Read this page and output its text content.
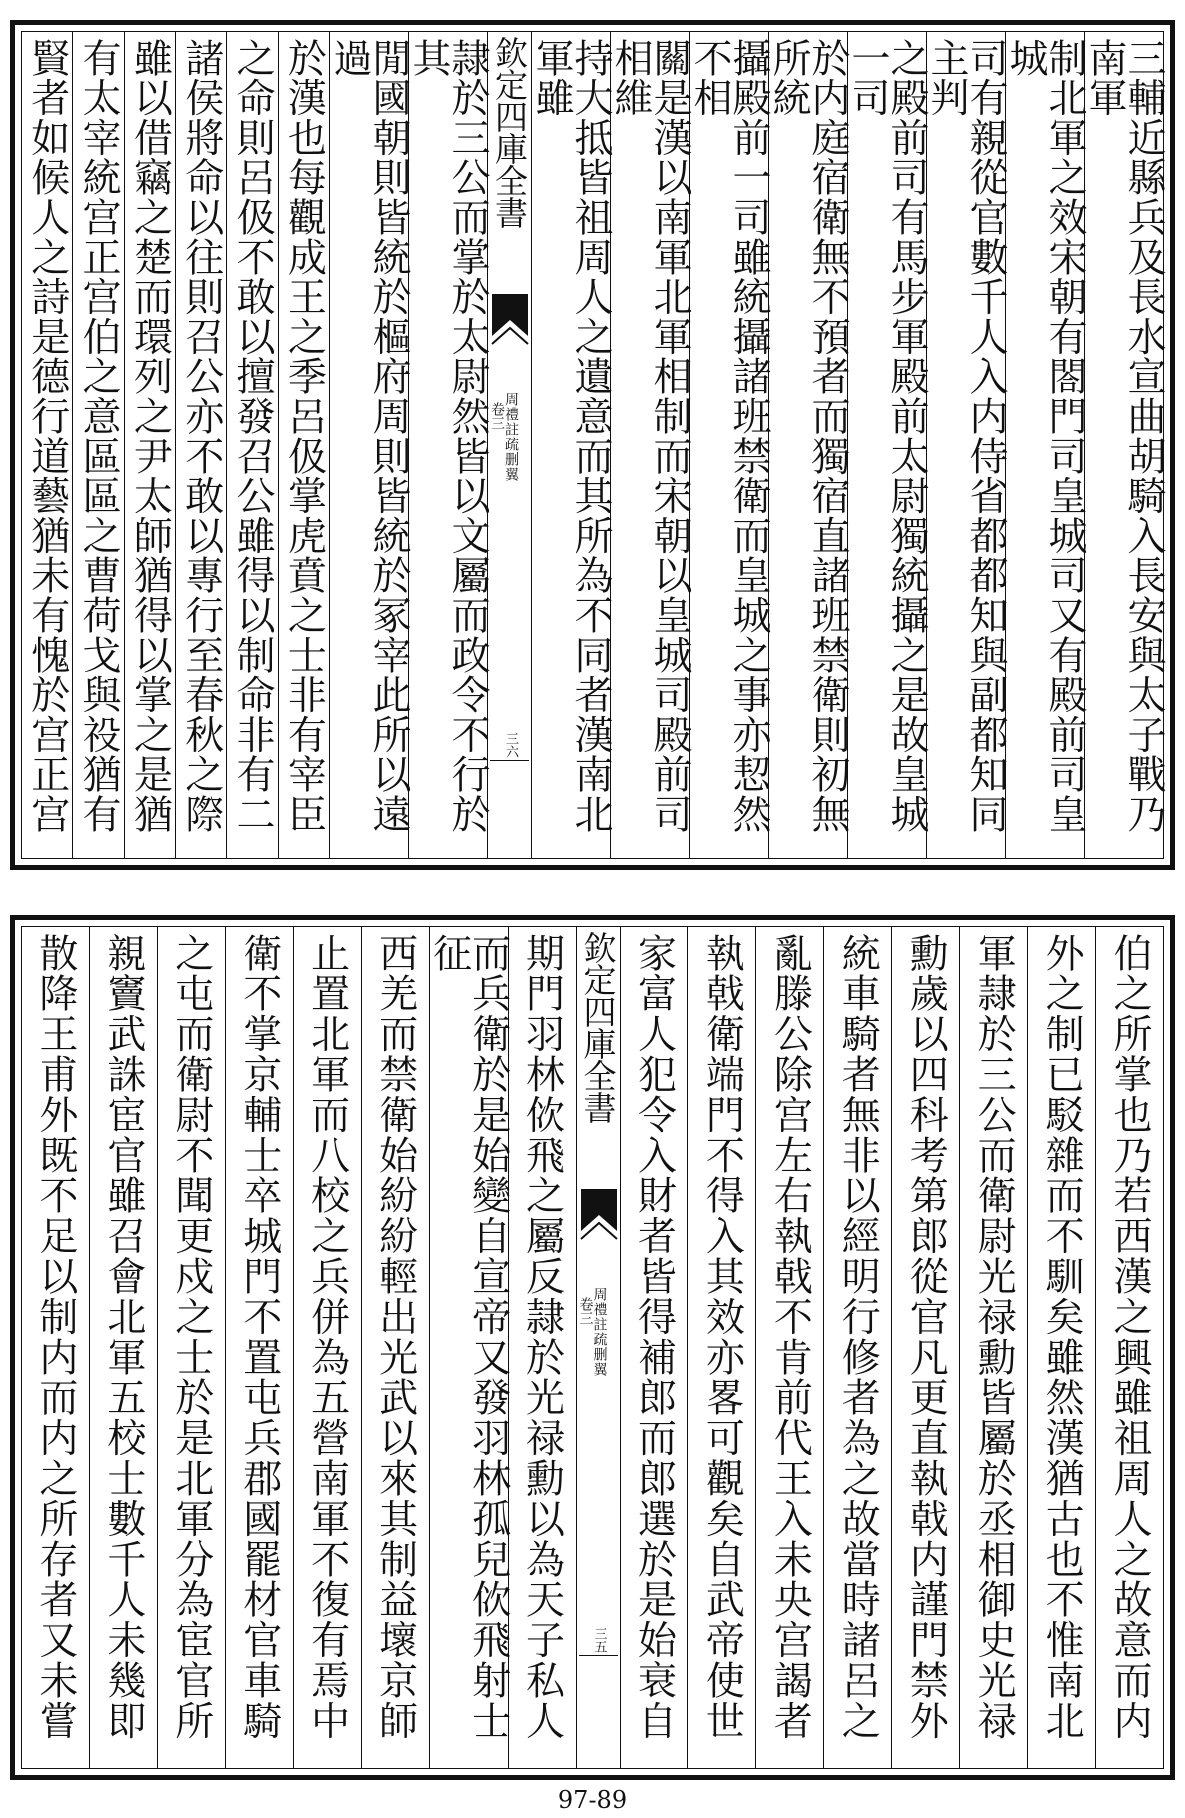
三輔近縣兵及長水宣曲胡騎入長安與太子戰乃南軍
制北軍之效宋朝有閤門司皇城司又有殿前司皇城
司有親從官數千人入内侍省都都知與副都知同主判
之殿前司有馬步軍殿前太尉獨統攝之是故皇城一司
於内庭宿衛無不預者而獨宿直諸班禁衛則初無所統
攝殿前一司雖統攝諸班禁衛而皇城之事亦恝然不相
關是漢以南軍北軍相制而宋朝以皇城司殿前司相維
持大抵皆祖周人之遺意而其所為不同者漢南北軍雖
欽定四庫全書
周禮註疏删翼
卷三
三六
隷於三公而掌於太尉然皆以文屬而政令不行於其
閒國朝則皆統於樞府周則皆統於冢宰此所以遠過
於漢也每觀成王之季呂伋掌虎賁之士非有宰臣
之命則呂伋不敢以擅發召公雖得以制命非有二
諸侯將命以往則召公亦不敢以專行至春秋之際
雖以借竊之楚而環列之尹太師猶得以掌之是猶
有太宰統宫正宫伯之意區區之曹荷戈與祋猶有
賢者如候人之詩是德行道藝猶未有愧於宫正宫
伯之所掌也乃若西漢之興雖祖周人之故意而内
外之制已駁雜而不馴矣雖然漢猶古也不惟南北
軍隷於三公而衛尉光禄勳皆屬於丞相御史光禄
勳歲以四科考第郎從官凡更直執戟内謹門禁外
統車騎者無非以經明行修者為之故當時諸呂之
亂滕公除宫左右執戟不肯前代王入未央宫謁者
執戟衛端門不得入其效亦畧可觀矣自武帝使世
家富人犯令入財者皆得補郎而郎選於是始衰自
欽定四庫全書
周禮註疏删翼
卷三
三五
期門羽林佽飛之屬反隷於光禄勳以為天子私人
而兵衛於是始變自宣帝又發羽林孤兒佽飛射士征
西羌而禁衛始紛紛輕出光武以來其制益壞京師
止置北軍而八校之兵併為五營南軍不復有焉中
衛不掌京輔士卒城門不置屯兵郡國罷材官車騎
之屯而衛尉不聞更戍之士於是北軍分為宦官所
親竇武誅宦官雖召會北軍五校士數千人未幾即
散降王甫外既不足以制内而内之所存者又未嘗
97-89
